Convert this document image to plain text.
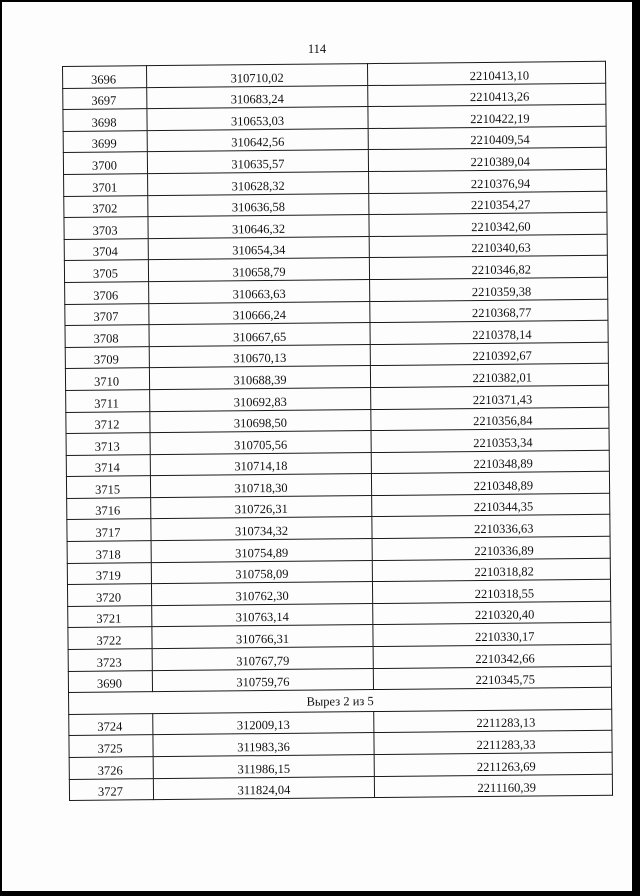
114
3696	310710,02	2210413,10
3697	310683,24	2210413,26
3698	310653,03	2210422,19
3699	310642,56	2210409,54
3700	310635,57	2210389,04
3701	310628,32	2210376,94
3702	310636,58	2210354,27
3703	310646,32	2210342,60
3704	310654,34	2210340,63
3705	310658,79	2210346,82
3706	310663,63	2210359,38
3707	310666,24	2210368,77
3708	310667,65	2210378,14
3709	310670,13	2210392,67
3710	310688,39	2210382,01
3711	310692,83	2210371,43
3712	310698,50	2210356,84
3713	310705,56	2210353,34
3714	310714,18	2210348,89
3715	310718,30	2210348,89
3716	310726,31	2210344,35
3717	310734,32	2210336,63
3718	310754,89	2210336,89
3719	310758,09	2210318,82
3720	310762,30	2210318,55
3721	310763,14	2210320,40
3722	310766,31	2210330,17
3723	310767,79	2210342,66
3690	310759,76	2210345,75
Вырез 2 из 5		
3724	312009,13	2211283,13
3725	311983,36	2211283,33
3726	311986,15	2211263,69
3727	311824,04	2211160,39
